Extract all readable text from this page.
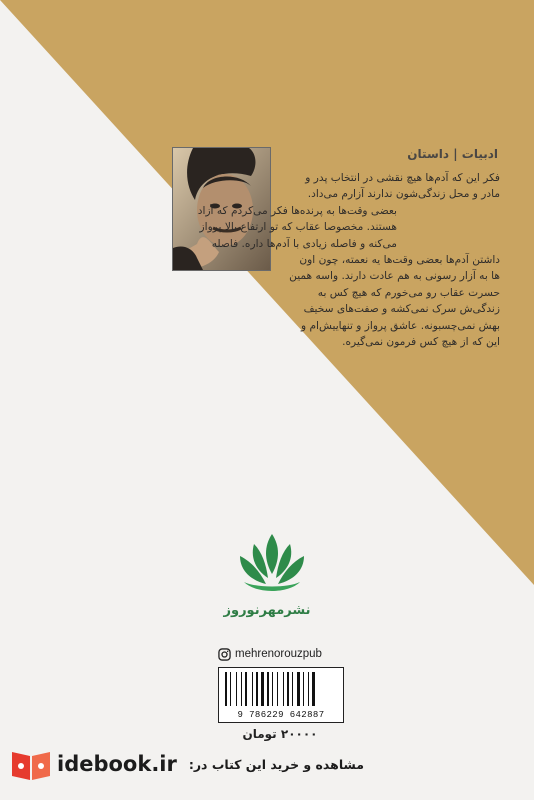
ادبیات | داستان
فکر این که آدم‌ها هیچ نقشی در انتخاب پدر و
مادر و محل زندگی‌شون ندارند آزارم می‌داد.
بعضی وقت‌ها به پرنده‌ها فکر می‌کردم که آزاد
هستند. مخصوصا عقاب که تو ارتفاع بالا پرواز
می‌کنه و فاصله زیادی با آدم‌ها داره. فاصله
داشتن آدم‌ها بعضی وقت‌ها یه نعمته، چون اون
ها به آزار رسونی به هم عادت دارند. واسه همین
حسرت عقاب رو می‌خورم که هیچ کس به
زندگی‌ش سرک نمی‌کشه و صفت‌های سخیف
بهش نمی‌چسبونه. عاشق پرواز و تنهاییش‌ام و
این که از هیچ کس فرمون نمی‌گیره.
نشرمهرنوروز
mehrenorouzpub
9 786229 642887
۲۰۰۰۰ تومان
idebook.ir مشاهده و خرید این کتاب در:
